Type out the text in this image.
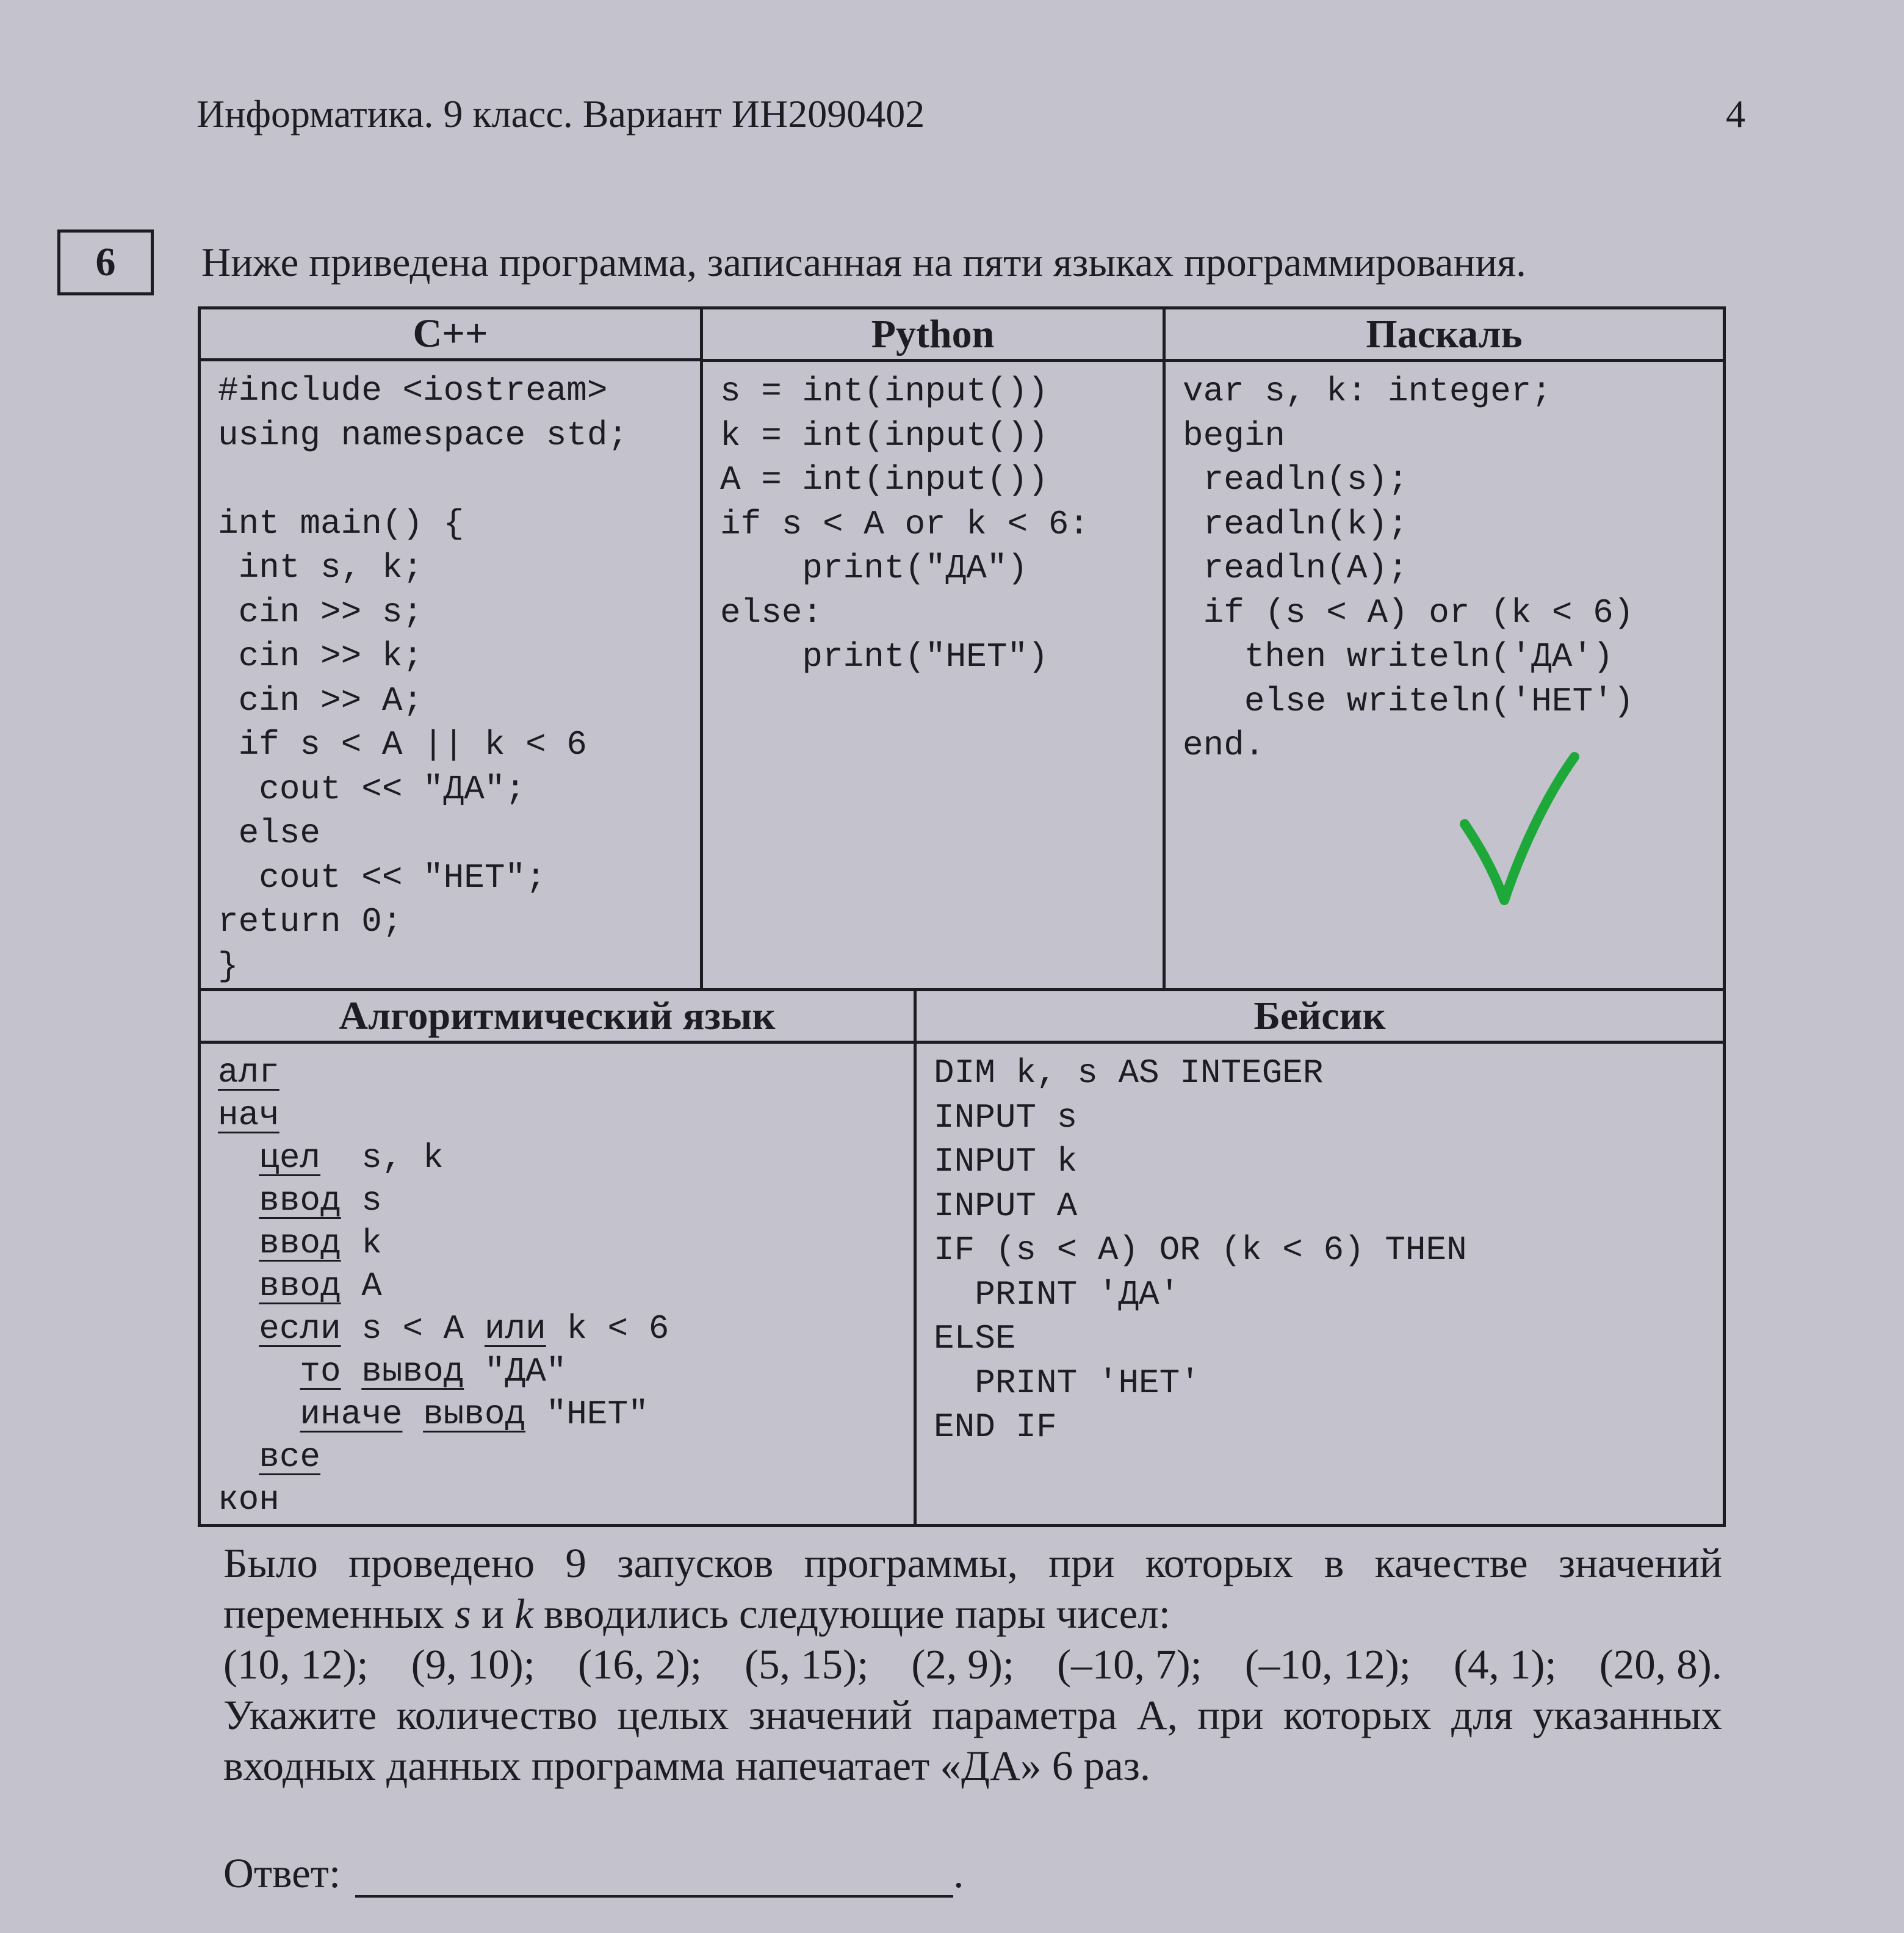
Информатика. 9 класс. Вариант ИН2090402	4
6 Ниже приведена программа, записанная на пяти языках программирования.
C++
#include <iostream>
using namespace std;
int main() {
int s, k;
cin >> s;
cin >> k;
cin >> A;
if s < A || k < 6
cout << "ДА";
else
cout << "НЕТ";
return 0;
}
Python
s = int(input())
k = int(input())
A = int(input())
if s < A or k < 6:
print("ДА")
else:
print("НЕТ")
Паскаль
var s, k: integer;
begin
readln(s);
readln(k);
readln(A);
if (s < A) or (k < 6)
then writeln('ДА')
else writeln('НЕТ')
end.
Алгоритмический язык
алг
нач
цел  s, k
ввод s
ввод k
ввод A
если s < A или k < 6
то вывод "ДА"
иначе вывод "НЕТ"
все
кон
Бейсик
DIM k, s AS INTEGER
INPUT s
INPUT k
INPUT A
IF (s < A) OR (k < 6) THEN
PRINT 'ДА'
ELSE
PRINT 'НЕТ'
END IF

Было проведено 9 запусков программы, при которых в качестве значений переменных s и k вводились следующие пары чисел:

(10, 12); (9, 10); (16, 2); (5, 15); (2, 9); (–10, 7); (–10, 12); (4, 1); (20, 8).

Укажите количество целых значений параметра А, при которых для указанных входных данных программа напечатает «ДА» 6 раз.

Ответ:	.
